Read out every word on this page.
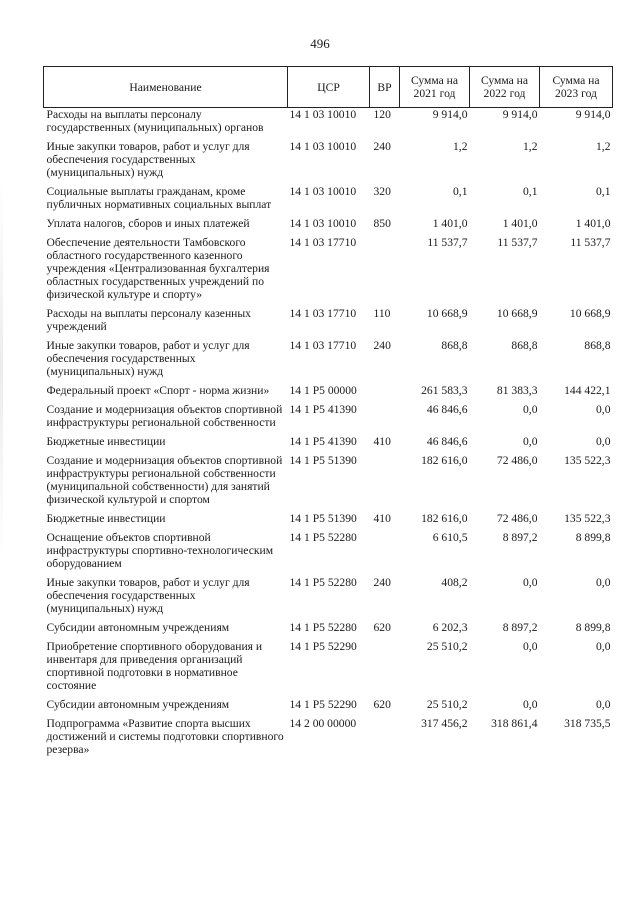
496
Наименование	ЦСР	ВР	Сумма на 2021 год	Сумма на 2022 год	Сумма на 2023 год
Расходы на выплаты персоналу государственных (муниципальных) органов	14 1 03 10010	120	9 914,0	9 914,0	9 914,0
Иные закупки товаров, работ и услуг для обеспечения государственных (муниципальных) нужд	14 1 03 10010	240	1,2	1,2	1,2
Социальные выплаты гражданам, кроме публичных нормативных социальных выплат	14 1 03 10010	320	0,1	0,1	0,1
Уплата налогов, сборов и иных платежей	14 1 03 10010	850	1 401,0	1 401,0	1 401,0
Обеспечение деятельности Тамбовского областного государственного казенного учреждения «Централизованная бухгалтерия областных государственных учреждений по физической культуре и спорту»	14 1 03 17710		11 537,7	11 537,7	11 537,7
Расходы на выплаты персоналу казенных учреждений	14 1 03 17710	110	10 668,9	10 668,9	10 668,9
Иные закупки товаров, работ и услуг для обеспечения государственных (муниципальных) нужд	14 1 03 17710	240	868,8	868,8	868,8
Федеральный проект «Спорт - норма жизни»	14 1 P5 00000		261 583,3	81 383,3	144 422,1
Создание и модернизация объектов спортивной инфраструктуры региональной собственности	14 1 P5 41390		46 846,6	0,0	0,0
Бюджетные инвестиции	14 1 P5 41390	410	46 846,6	0,0	0,0
Создание и модернизация объектов спортивной инфраструктуры региональной собственности (муниципальной собственности) для занятий физической культурой и спортом	14 1 P5 51390		182 616,0	72 486,0	135 522,3
Бюджетные инвестиции	14 1 P5 51390	410	182 616,0	72 486,0	135 522,3
Оснащение объектов спортивной инфраструктуры спортивно-технологическим оборудованием	14 1 P5 52280		6 610,5	8 897,2	8 899,8
Иные закупки товаров, работ и услуг для обеспечения государственных (муниципальных) нужд	14 1 P5 52280	240	408,2	0,0	0,0
Субсидии автономным учреждениям	14 1 P5 52280	620	6 202,3	8 897,2	8 899,8
Приобретение спортивного оборудования и инвентаря для приведения организаций спортивной подготовки в нормативное состояние	14 1 P5 52290		25 510,2	0,0	0,0
Субсидии автономным учреждениям	14 1 P5 52290	620	25 510,2	0,0	0,0
Подпрограмма «Развитие спорта высших достижений и системы подготовки спортивного резерва»	14 2 00 00000		317 456,2	318 861,4	318 735,5
